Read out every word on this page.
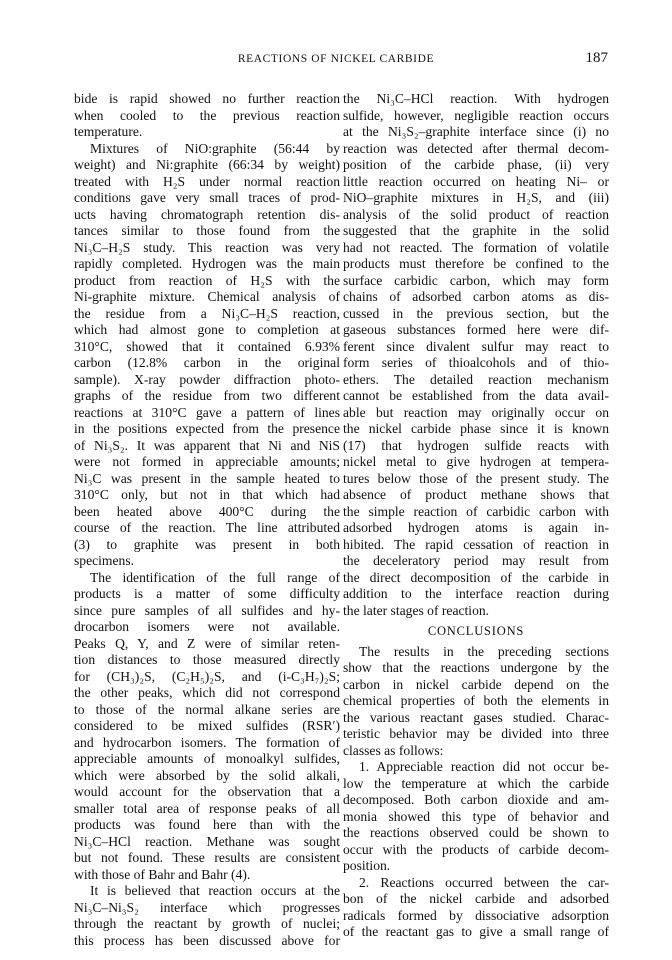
REACTIONS OF NICKEL CARBIDE	187
bide is rapid showed no further reaction
when cooled to the previous reaction
temperature.
Mixtures of NiO:graphite (56:44 by
weight) and Ni:graphite (66:34 by weight)
treated with H₂S under normal reaction
conditions gave very small traces of prod-
ucts having chromatograph retention dis-
tances similar to those found from the
Ni₃C–H₂S study. This reaction was very
rapidly completed. Hydrogen was the main
product from reaction of H₂S with the
Ni-graphite mixture. Chemical analysis of
the residue from a Ni₃C–H₂S reaction,
which had almost gone to completion at
310°C, showed that it contained 6.93%
carbon (12.8% carbon in the original
sample). X-ray powder diffraction photo-
graphs of the residue from two different
reactions at 310°C gave a pattern of lines
in the positions expected from the presence
of Ni₃S₂. It was apparent that Ni and NiS
were not formed in appreciable amounts;
Ni₃C was present in the sample heated to
310°C only, but not in that which had
been heated above 400°C during the
course of the reaction. The line attributed
(3) to graphite was present in both
specimens.
The identification of the full range of
products is a matter of some difficulty
since pure samples of all sulfides and hy-
drocarbon isomers were not available.
Peaks Q, Y, and Z were of similar reten-
tion distances to those measured directly
for (CH₃)₂S, (C₂H₅)₂S, and (i-C₃H₇)₂S;
the other peaks, which did not correspond
to those of the normal alkane series are
considered to be mixed sulfides (RSR′)
and hydrocarbon isomers. The formation of
appreciable amounts of monoalkyl sulfides,
which were absorbed by the solid alkali,
would account for the observation that a
smaller total area of response peaks of all
products was found here than with the
Ni₃C–HCl reaction. Methane was sought
but not found. These results are consistent
with those of Bahr and Bahr (4).
It is believed that reaction occurs at the
Ni₃C–Ni₃S₂ interface which progresses
through the reactant by growth of nuclei;
this process has been discussed above for
the Ni₃C–HCl reaction. With hydrogen
sulfide, however, negligible reaction occurs
at the Ni₃S₂–graphite interface since (i) no
reaction was detected after thermal decom-
position of the carbide phase, (ii) very
little reaction occurred on heating Ni– or
NiO–graphite mixtures in H₂S, and (iii)
analysis of the solid product of reaction
suggested that the graphite in the solid
had not reacted. The formation of volatile
products must therefore be confined to the
surface carbidic carbon, which may form
chains of adsorbed carbon atoms as dis-
cussed in the previous section, but the
gaseous substances formed here were dif-
ferent since divalent sulfur may react to
form series of thioalcohols and of thio-
ethers. The detailed reaction mechanism
cannot be established from the data avail-
able but reaction may originally occur on
the nickel carbide phase since it is known
(17) that hydrogen sulfide reacts with
nickel metal to give hydrogen at tempera-
tures below those of the present study. The
absence of product methane shows that
the simple reaction of carbidic carbon with
adsorbed hydrogen atoms is again in-
hibited. The rapid cessation of reaction in
the deceleratory period may result from
the direct decomposition of the carbide in
addition to the interface reaction during
the later stages of reaction.
CONCLUSIONS
The results in the preceding sections
show that the reactions undergone by the
carbon in nickel carbide depend on the
chemical properties of both the elements in
the various reactant gases studied. Charac-
teristic behavior may be divided into three
classes as follows:
1. Appreciable reaction did not occur be-
low the temperature at which the carbide
decomposed. Both carbon dioxide and am-
monia showed this type of behavior and
the reactions observed could be shown to
occur with the products of carbide decom-
position.
2. Reactions occurred between the car-
bon of the nickel carbide and adsorbed
radicals formed by dissociative adsorption
of the reactant gas to give a small range of
